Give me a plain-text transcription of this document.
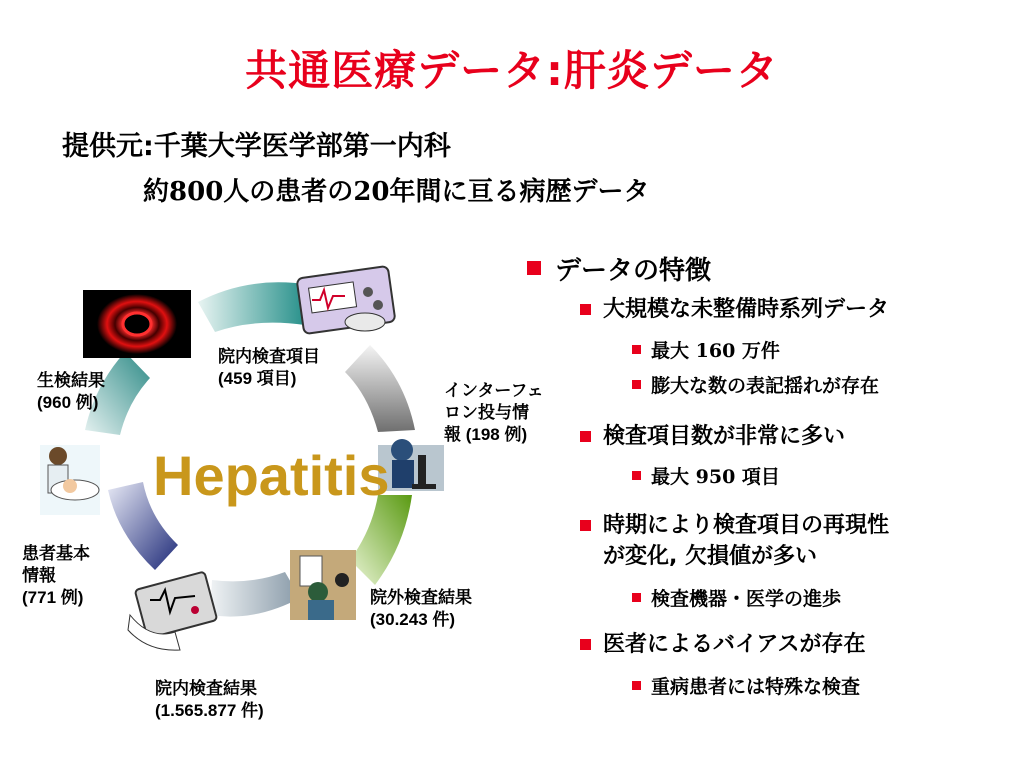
共通医療データ:肝炎データ
提供元:千葉大学医学部第一内科
約800人の患者の20年間に亘る病歴データ
Hepatitis
院内検査項目
(459 項目)
インターフェ
ロン投与情
報 (198 例)
院外検査結果
(30.243 件)
院内検査結果
(1.565.877 件)
患者基本
情報
(771 例)
生検結果
(960 例)
データの特徴
大規模な未整備時系列データ
最大 160 万件
膨大な数の表記揺れが存在
検査項目数が非常に多い
最大 950 項目
時期により検査項目の再現性
が変化, 欠損値が多い
検査機器・医学の進歩
医者によるバイアスが存在
重病患者には特殊な検査
